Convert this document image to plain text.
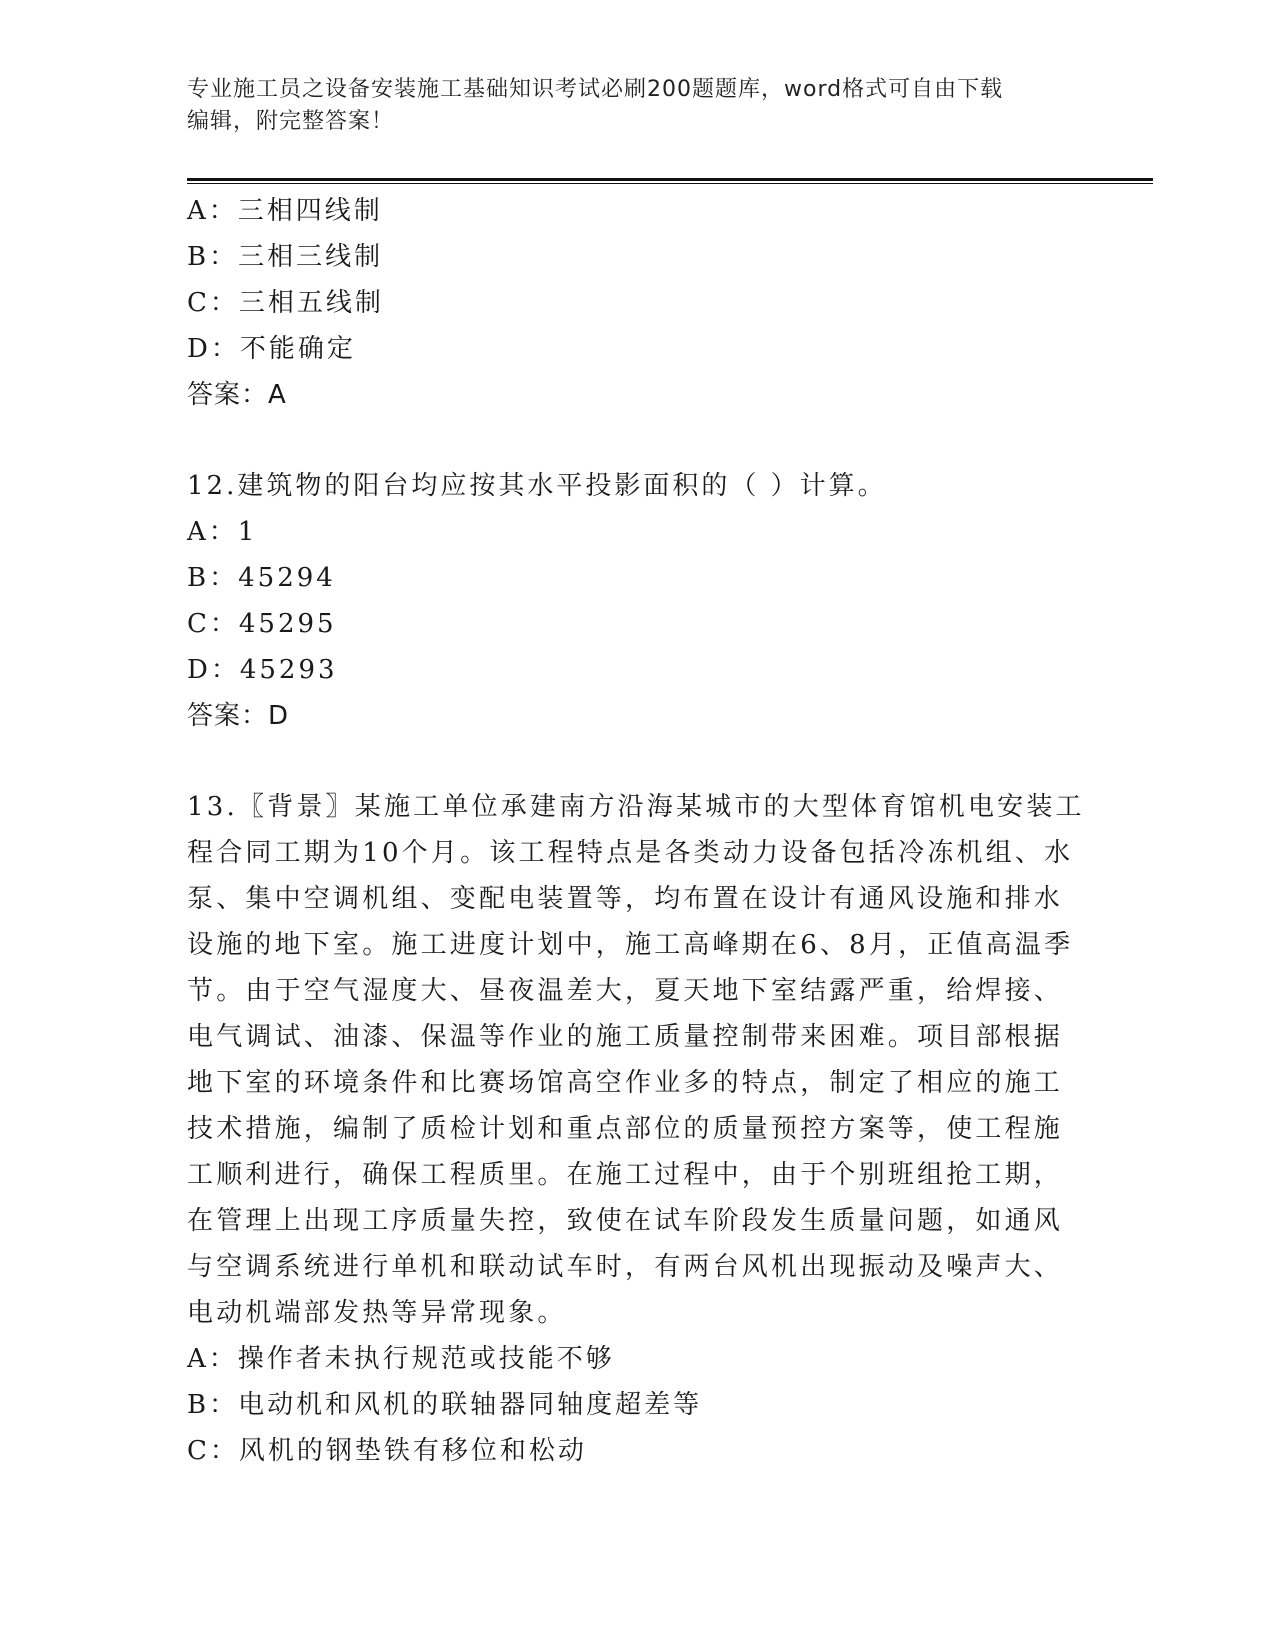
专业施工员之设备安装施工基础知识考试必刷200题题库，word格式可自由下载
编辑，附完整答案！
A：三相四线制
B：三相三线制
C：三相五线制
D：不能确定
答案：A
12.建筑物的阳台均应按其水平投影面积的（ ）计算。
A：1
B：45294
C：45295
D：45293
答案：D
13.〖背景〗某施工单位承建南方沿海某城市的大型体育馆机电安装工
程合同工期为10个月。该工程特点是各类动力设备包括冷冻机组、水
泵、集中空调机组、变配电装置等，均布置在设计有通风设施和排水
设施的地下室。施工进度计划中，施工高峰期在6、8月，正值高温季
节。由于空气湿度大、昼夜温差大，夏天地下室结露严重，给焊接、
电气调试、油漆、保温等作业的施工质量控制带来困难。项目部根据
地下室的环境条件和比赛场馆高空作业多的特点，制定了相应的施工
技术措施，编制了质检计划和重点部位的质量预控方案等，使工程施
工顺利进行，确保工程质里。在施工过程中，由于个别班组抢工期，
在管理上出现工序质量失控，致使在试车阶段发生质量问题，如通风
与空调系统进行单机和联动试车时，有两台风机出现振动及噪声大、
电动机端部发热等异常现象。
A：操作者未执行规范或技能不够
B：电动机和风机的联轴器同轴度超差等
C：风机的钢垫铁有移位和松动
